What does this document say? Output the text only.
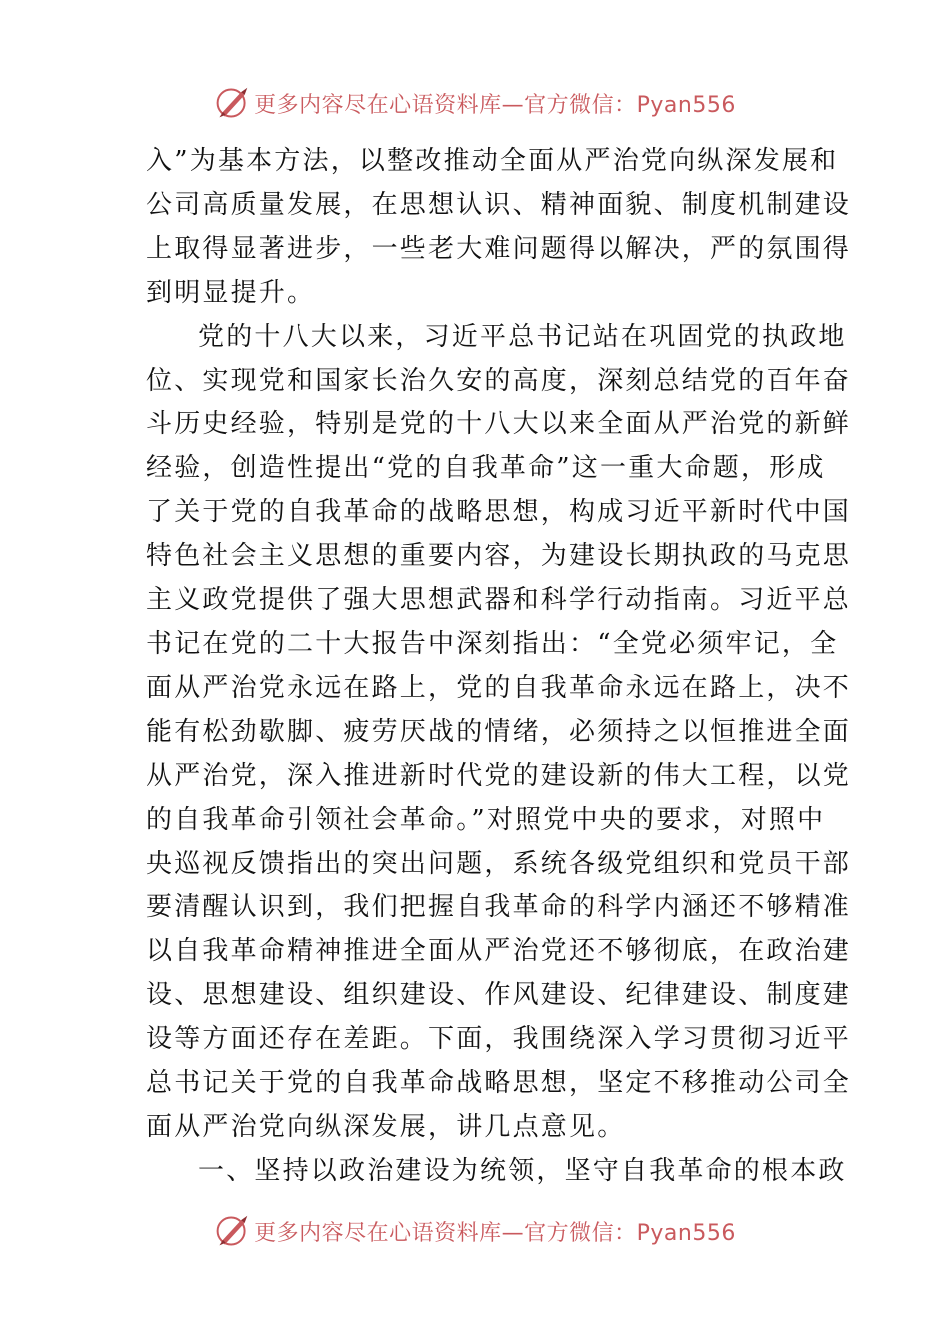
更多内容尽在心语资料库—官方微信：Pyan556

入”为基本方法，以整改推动全面从严治党向纵深发展和
公司高质量发展，在思想认识、精神面貌、制度机制建设
上取得显著进步，一些老大难问题得以解决，严的氛围得
到明显提升。

党的十八大以来，习近平总书记站在巩固党的执政地
位、实现党和国家长治久安的高度，深刻总结党的百年奋
斗历史经验，特别是党的十八大以来全面从严治党的新鲜
经验，创造性提出“党的自我革命”这一重大命题，形成
了关于党的自我革命的战略思想，构成习近平新时代中国
特色社会主义思想的重要内容，为建设长期执政的马克思
主义政党提供了强大思想武器和科学行动指南。习近平总
书记在党的二十大报告中深刻指出：“全党必须牢记，全
面从严治党永远在路上，党的自我革命永远在路上，决不
能有松劲歇脚、疲劳厌战的情绪，必须持之以恒推进全面
从严治党，深入推进新时代党的建设新的伟大工程，以党
的自我革命引领社会革命。”对照党中央的要求，对照中
央巡视反馈指出的突出问题，系统各级党组织和党员干部
要清醒认识到，我们把握自我革命的科学内涵还不够精准
以自我革命精神推进全面从严治党还不够彻底，在政治建
设、思想建设、组织建设、作风建设、纪律建设、制度建
设等方面还存在差距。下面，我围绕深入学习贯彻习近平
总书记关于党的自我革命战略思想，坚定不移推动公司全
面从严治党向纵深发展，讲几点意见。

一、坚持以政治建设为统领，坚守自我革命的根本政

更多内容尽在心语资料库—官方微信：Pyan556
